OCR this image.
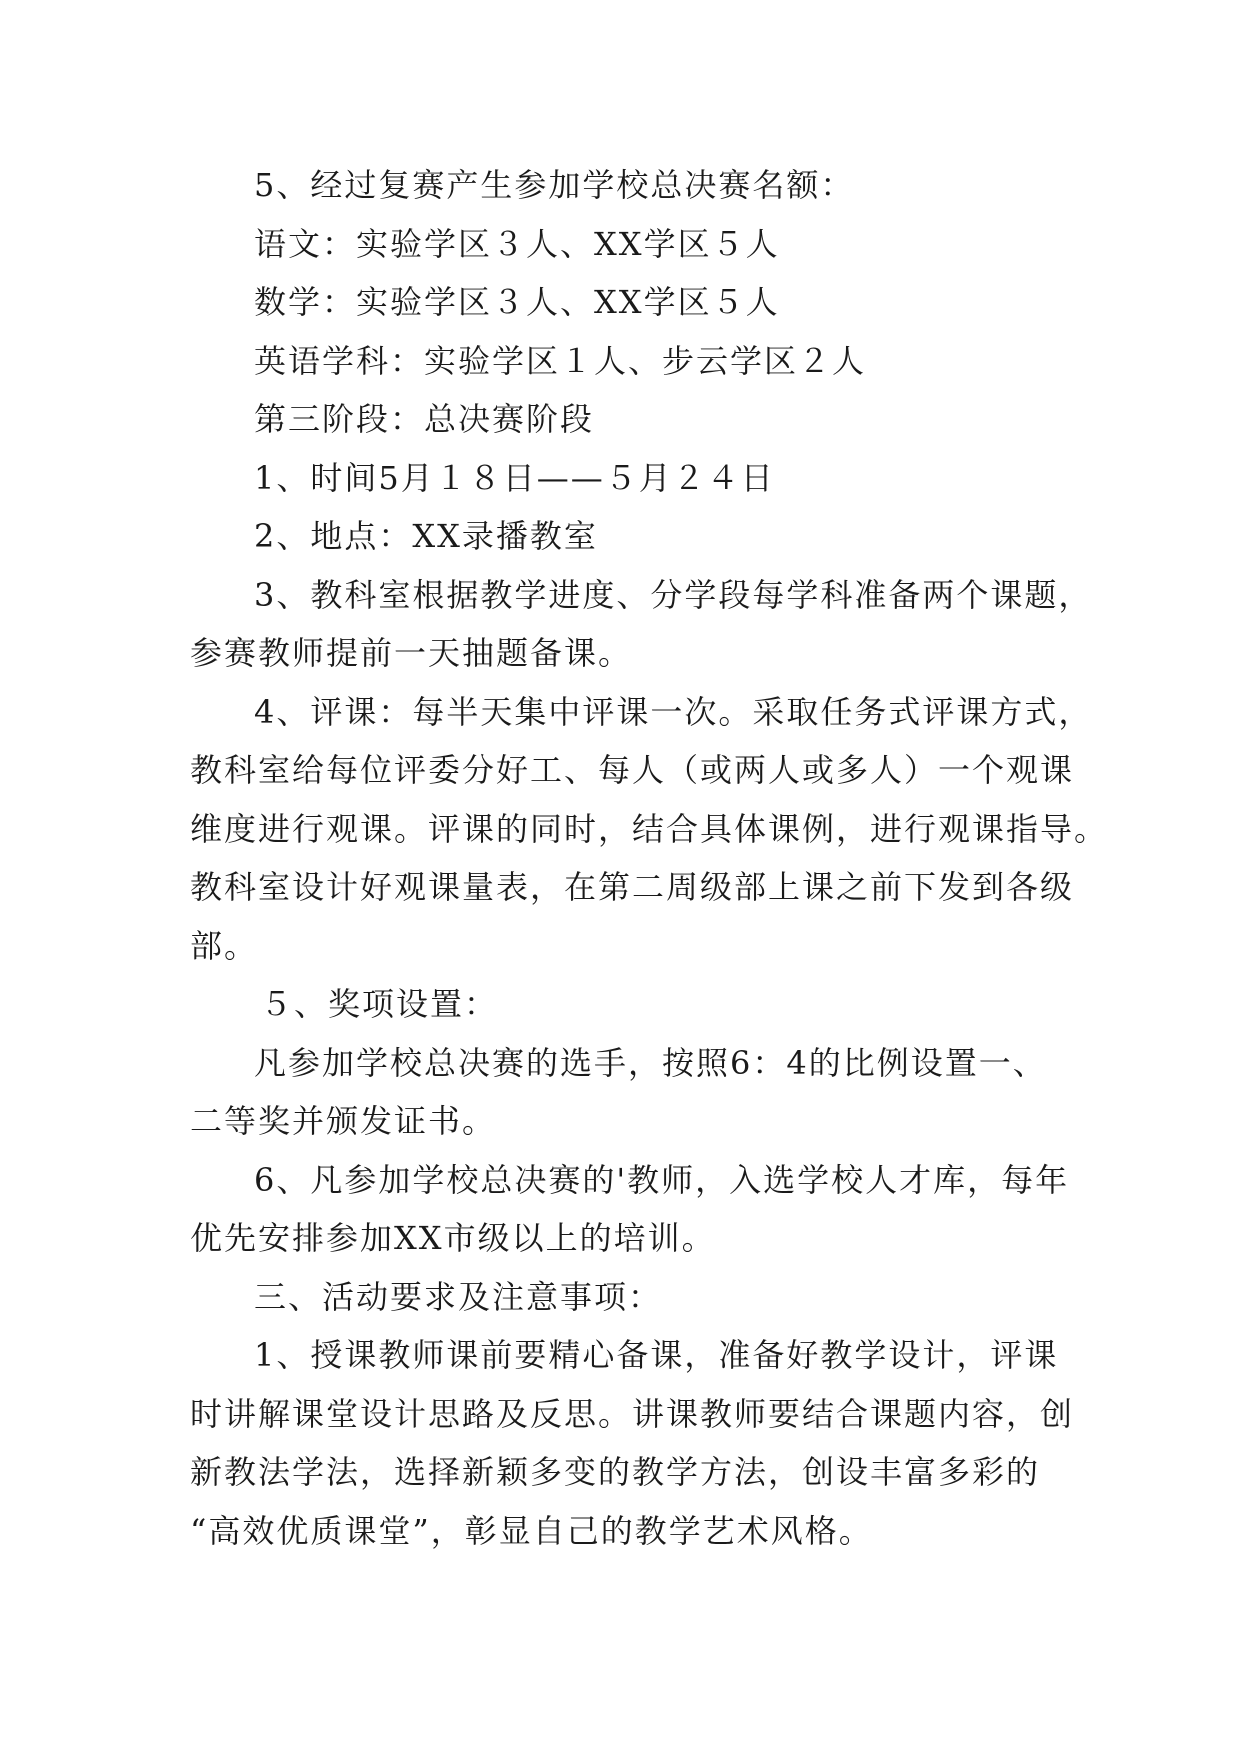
5、经过复赛产生参加学校总决赛名额：
语文：实验学区３人、XX学区５人
数学：实验学区３人、XX学区５人
英语学科：实验学区１人、步云学区２人
第三阶段：总决赛阶段
1、时间5月１８日——５月２４日
2、地点：XX录播教室
3、教科室根据教学进度、分学段每学科准备两个课题，
参赛教师提前一天抽题备课。
4、评课：每半天集中评课一次。采取任务式评课方式，
教科室给每位评委分好工、每人（或两人或多人）一个观课
维度进行观课。评课的同时，结合具体课例，进行观课指导。
教科室设计好观课量表，在第二周级部上课之前下发到各级
部。
５、奖项设置：
凡参加学校总决赛的选手，按照6：4的比例设置一、
二等奖并颁发证书。
6、凡参加学校总决赛的'教师，入选学校人才库，每年
优先安排参加XX市级以上的培训。
三、活动要求及注意事项：
1、授课教师课前要精心备课，准备好教学设计，评课
时讲解课堂设计思路及反思。讲课教师要结合课题内容，创
新教法学法，选择新颖多变的教学方法，创设丰富多彩的
“高效优质课堂”，彰显自己的教学艺术风格。
